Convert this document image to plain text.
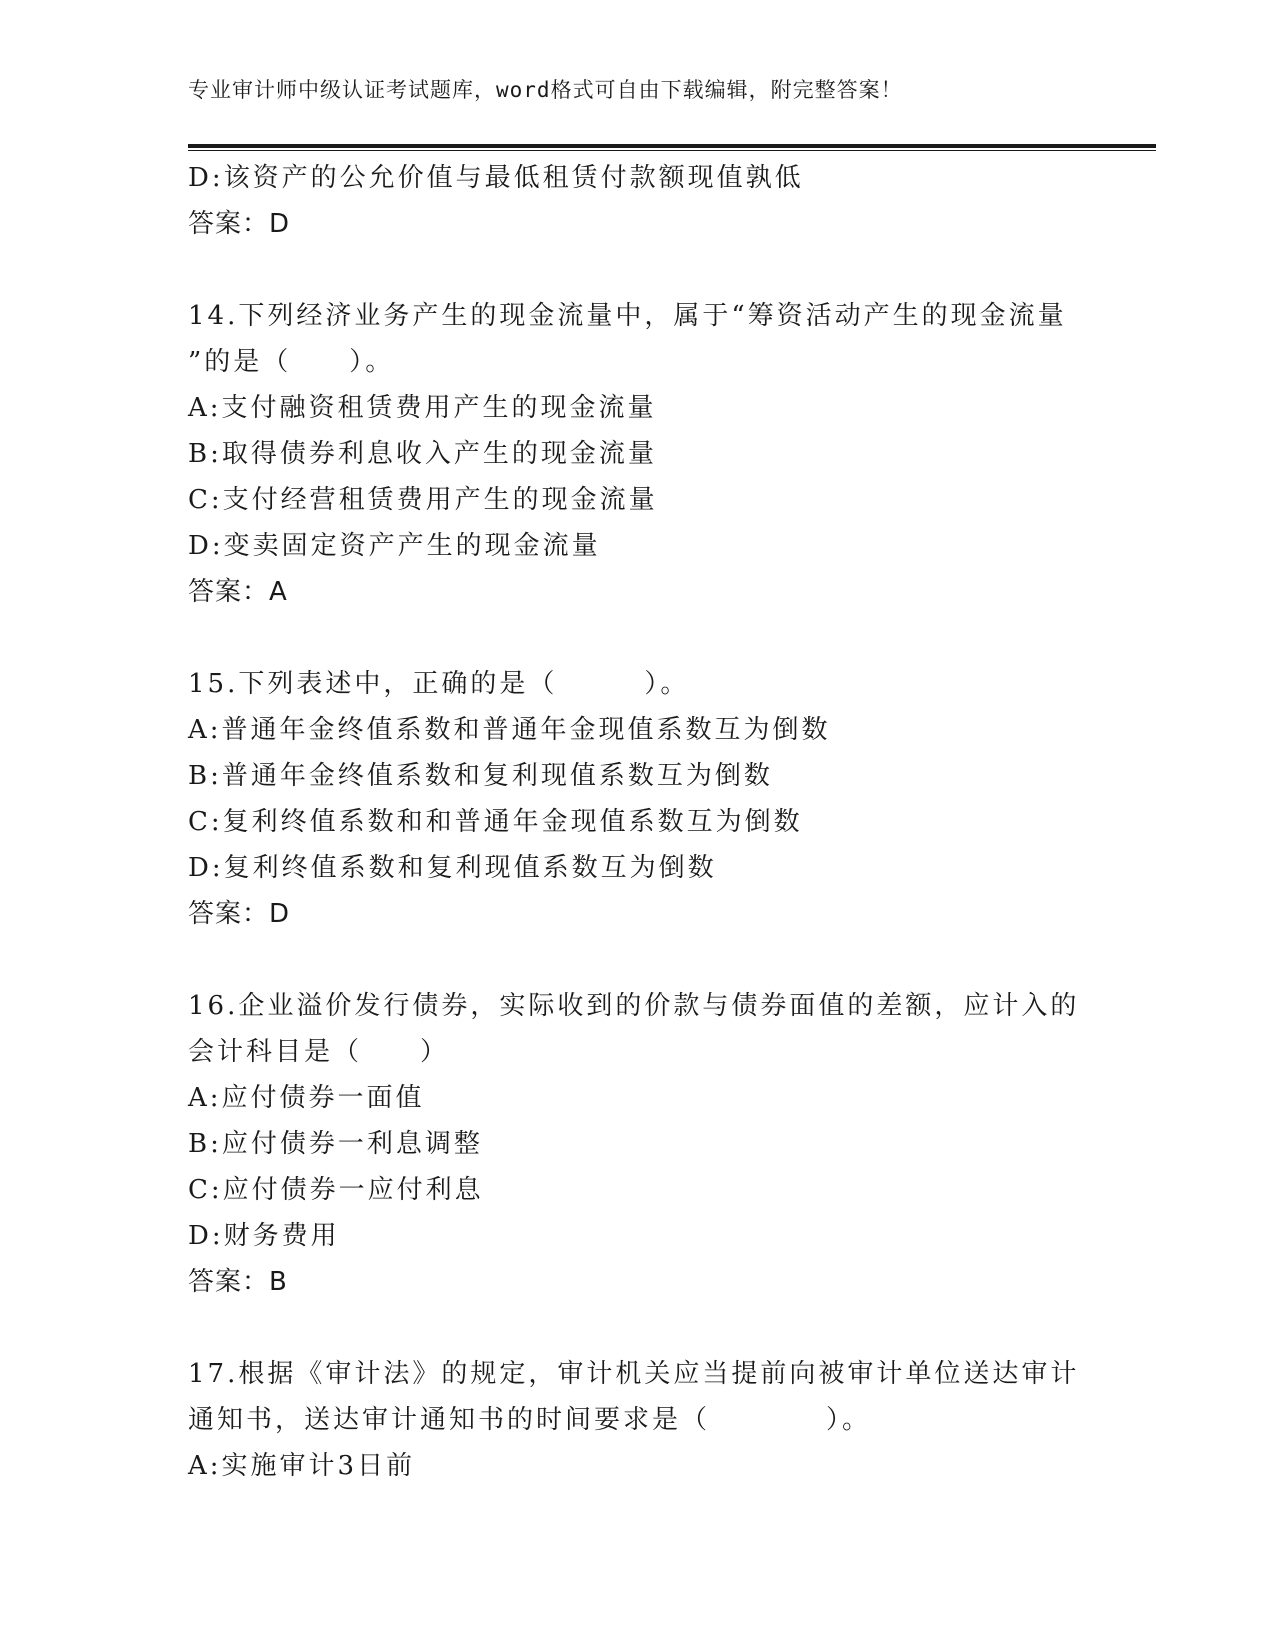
专业审计师中级认证考试题库，word格式可自由下载编辑，附完整答案！
D:该资产的公允价值与最低租赁付款额现值孰低
答案：D
14.下列经济业务产生的现金流量中，属于“筹资活动产生的现金流量
”的是（　　）。
A:支付融资租赁费用产生的现金流量
B:取得债券利息收入产生的现金流量
C:支付经营租赁费用产生的现金流量
D:变卖固定资产产生的现金流量
答案：A
15.下列表述中，正确的是（　　　）。
A:普通年金终值系数和普通年金现值系数互为倒数
B:普通年金终值系数和复利现值系数互为倒数
C:复利终值系数和和普通年金现值系数互为倒数
D:复利终值系数和复利现值系数互为倒数
答案：D
16.企业溢价发行债券，实际收到的价款与债券面值的差额，应计入的
会计科目是（　　）
A:应付债券一面值
B:应付债券一利息调整
C:应付债券一应付利息
D:财务费用
答案：B
17.根据《审计法》的规定，审计机关应当提前向被审计单位送达审计
通知书，送达审计通知书的时间要求是（　　　　）。
A:实施审计3日前
